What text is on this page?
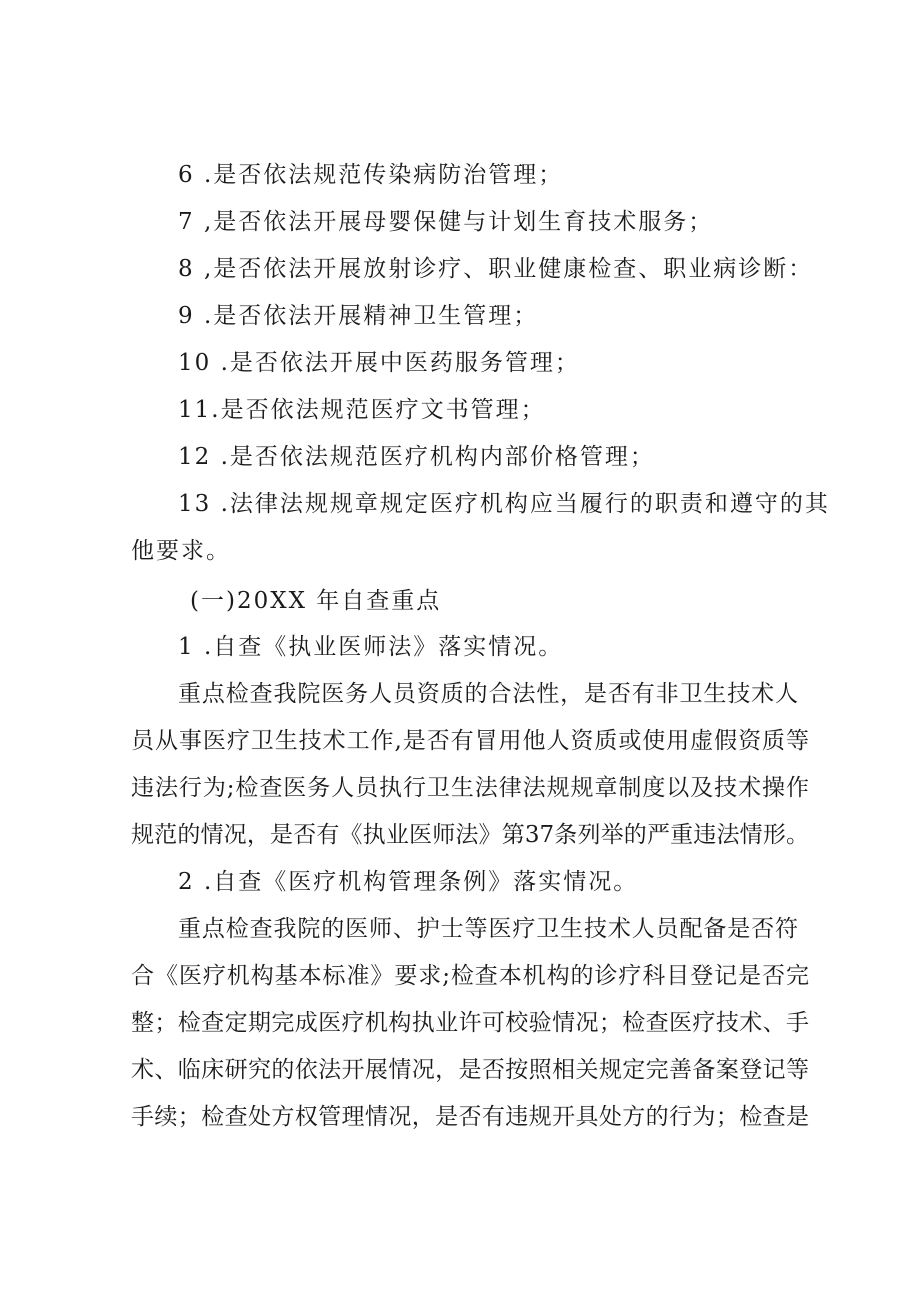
6 .是否依法规范传染病防治管理；
7 ,是否依法开展母婴保健与计划生育技术服务；
8 ,是否依法开展放射诊疗、职业健康检查、职业病诊断：
9 .是否依法开展精神卫生管理；
10 .是否依法开展中医药服务管理；
11.是否依法规范医疗文书管理；
12 .是否依法规范医疗机构内部价格管理；
13 .法律法规规章规定医疗机构应当履行的职责和遵守的其
他要求。
(一)20XX 年自查重点
1 .自查《执业医师法》落实情况。
重点检查我院医务人员资质的合法性，是否有非卫生技术人
员从事医疗卫生技术工作,是否有冒用他人资质或使用虚假资质等
违法行为;检查医务人员执行卫生法律法规规章制度以及技术操作
规范的情况，是否有《执业医师法》第37条列举的严重违法情形。
2 .自查《医疗机构管理条例》落实情况。
重点检查我院的医师、护士等医疗卫生技术人员配备是否符
合《医疗机构基本标准》要求;检查本机构的诊疗科目登记是否完
整；检查定期完成医疗机构执业许可校验情况；检查医疗技术、手
术、临床研究的依法开展情况，是否按照相关规定完善备案登记等
手续；检查处方权管理情况，是否有违规开具处方的行为；检查是
